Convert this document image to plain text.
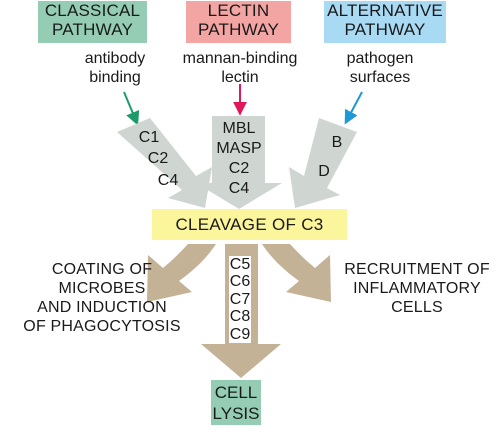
CLASSICAL
PATHWAY
LECTIN
PATHWAY
ALTERNATIVE
PATHWAY
antibody
binding
mannan-binding
lectin
pathogen
surfaces
C1
C2
C4
MBL
MASP
C2
C4
B
D
CLEAVAGE OF C3
COATING OF
MICROBES
AND INDUCTION
OF PHAGOCYTOSIS
RECRUITMENT OF
INFLAMMATORY
CELLS
C5
C6
C7
C8
C9
CELL
LYSIS
